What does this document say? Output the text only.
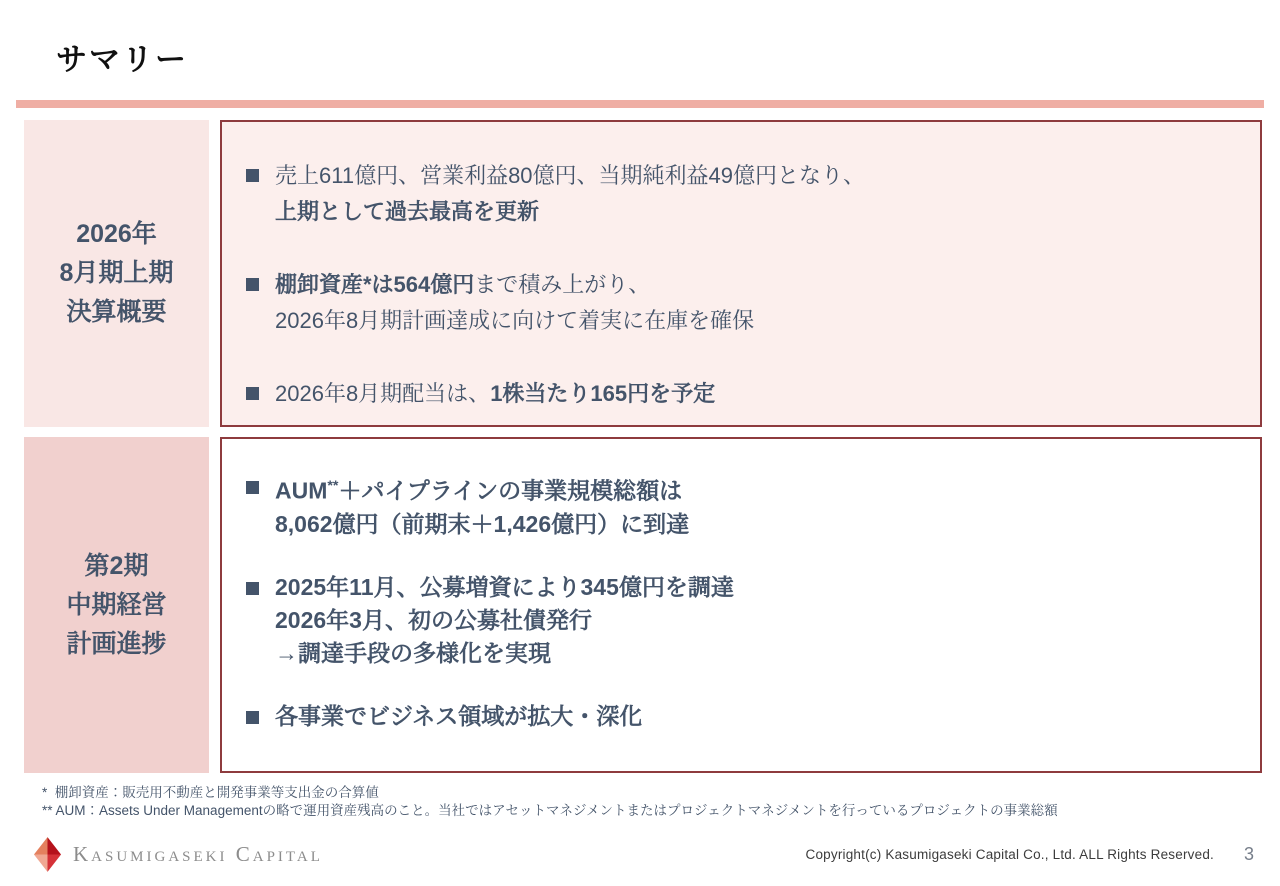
サマリー
2026年
8月期上期
決算概要
売上611億円、営業利益80億円、当期純利益49億円となり、
上期として過去最高を更新
棚卸資産*は564億円まで積み上がり、
2026年8月期計画達成に向けて着実に在庫を確保
2026年8月期配当は、1株当たり165円を予定
第2期
中期経営
計画進捗
AUM**＋パイプラインの事業規模総額は
8,062億円（前期末＋1,426億円）に到達
2025年11月、公募増資により345億円を調達
2026年3月、初の公募社債発行
→調達手段の多様化を実現
各事業でビジネス領域が拡大・深化
*  棚卸資産：販売用不動産と開発事業等支出金の合算値
** AUM：Assets Under Managementの略で運用資産残高のこと。当社ではアセットマネジメントまたはプロジェクトマネジメントを行っているプロジェクトの事業総額
Kasumigaseki Capital	Copyright(c) Kasumigaseki Capital Co., Ltd. ALL Rights Reserved. 3
